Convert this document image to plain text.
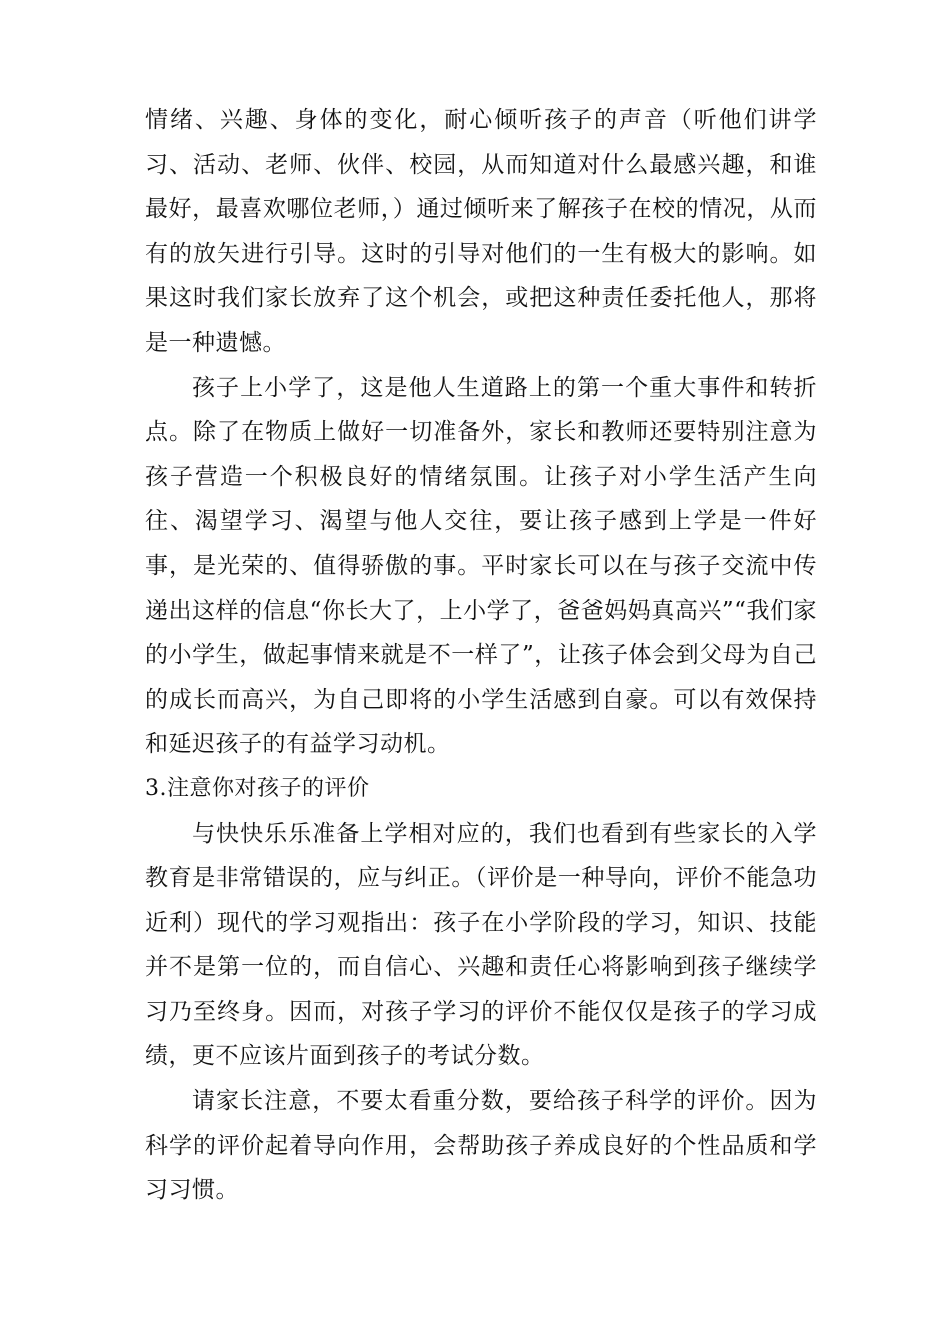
情绪、兴趣、身体的变化，耐心倾听孩子的声音（听他们讲学习、活动、老师、伙伴、校园，从而知道对什么最感兴趣，和谁最好，最喜欢哪位老师，）通过倾听来了解孩子在校的情况，从而有的放矢进行引导。这时的引导对他们的一生有极大的影响。如果这时我们家长放弃了这个机会，或把这种责任委托他人，那将是一种遗憾。

孩子上小学了，这是他人生道路上的第一个重大事件和转折点。除了在物质上做好一切准备外，家长和教师还要特别注意为孩子营造一个积极良好的情绪氛围。让孩子对小学生活产生向往、渴望学习、渴望与他人交往，要让孩子感到上学是一件好事，是光荣的、值得骄傲的事。平时家长可以在与孩子交流中传递出这样的信息“你长大了，上小学了，爸爸妈妈真高兴”“我们家的小学生，做起事情来就是不一样了”，让孩子体会到父母为自己的成长而高兴，为自己即将的小学生活感到自豪。可以有效保持和延迟孩子的有益学习动机。

3.注意你对孩子的评价

与快快乐乐准备上学相对应的，我们也看到有些家长的入学教育是非常错误的，应与纠正。（评价是一种导向，评价不能急功近利）现代的学习观指出：孩子在小学阶段的学习，知识、技能并不是第一位的，而自信心、兴趣和责任心将影响到孩子继续学习乃至终身。因而，对孩子学习的评价不能仅仅是孩子的学习成绩，更不应该片面到孩子的考试分数。

请家长注意，不要太看重分数，要给孩子科学的评价。因为科学的评价起着导向作用，会帮助孩子养成良好的个性品质和学习习惯。
